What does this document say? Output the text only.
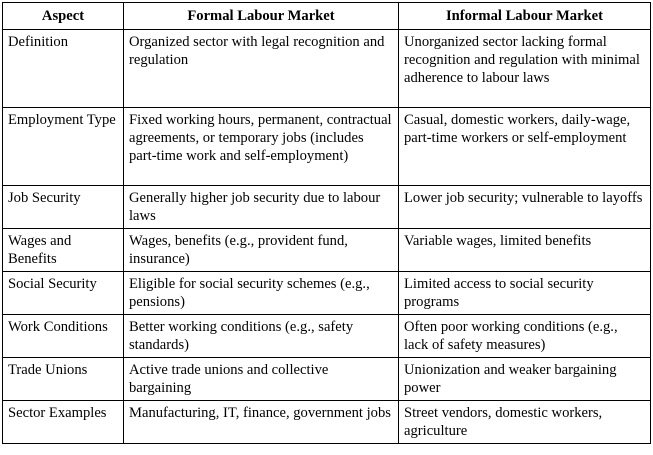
Aspect	Formal Labour Market	Informal Labour Market
Definition	Organized sector with legal recognition and regulation	Unorganized sector lacking formal recognition and regulation with minimal adherence to labour laws
Employment Type	Fixed working hours, permanent, contractual agreements, or temporary jobs (includes part-time work and self-employment)	Casual, domestic workers, daily-wage, part-time workers or self-employment
Job Security	Generally higher job security due to labour laws	Lower job security; vulnerable to layoffs
Wages and Benefits	Wages, benefits (e.g., provident fund, insurance)	Variable wages, limited benefits
Social Security	Eligible for social security schemes (e.g., pensions)	Limited access to social security programs
Work Conditions	Better working conditions (e.g., safety standards)	Often poor working conditions (e.g., lack of safety measures)
Trade Unions	Active trade unions and collective bargaining	Unionization and weaker bargaining power
Sector Examples	Manufacturing, IT, finance, government jobs	Street vendors, domestic workers, agriculture
